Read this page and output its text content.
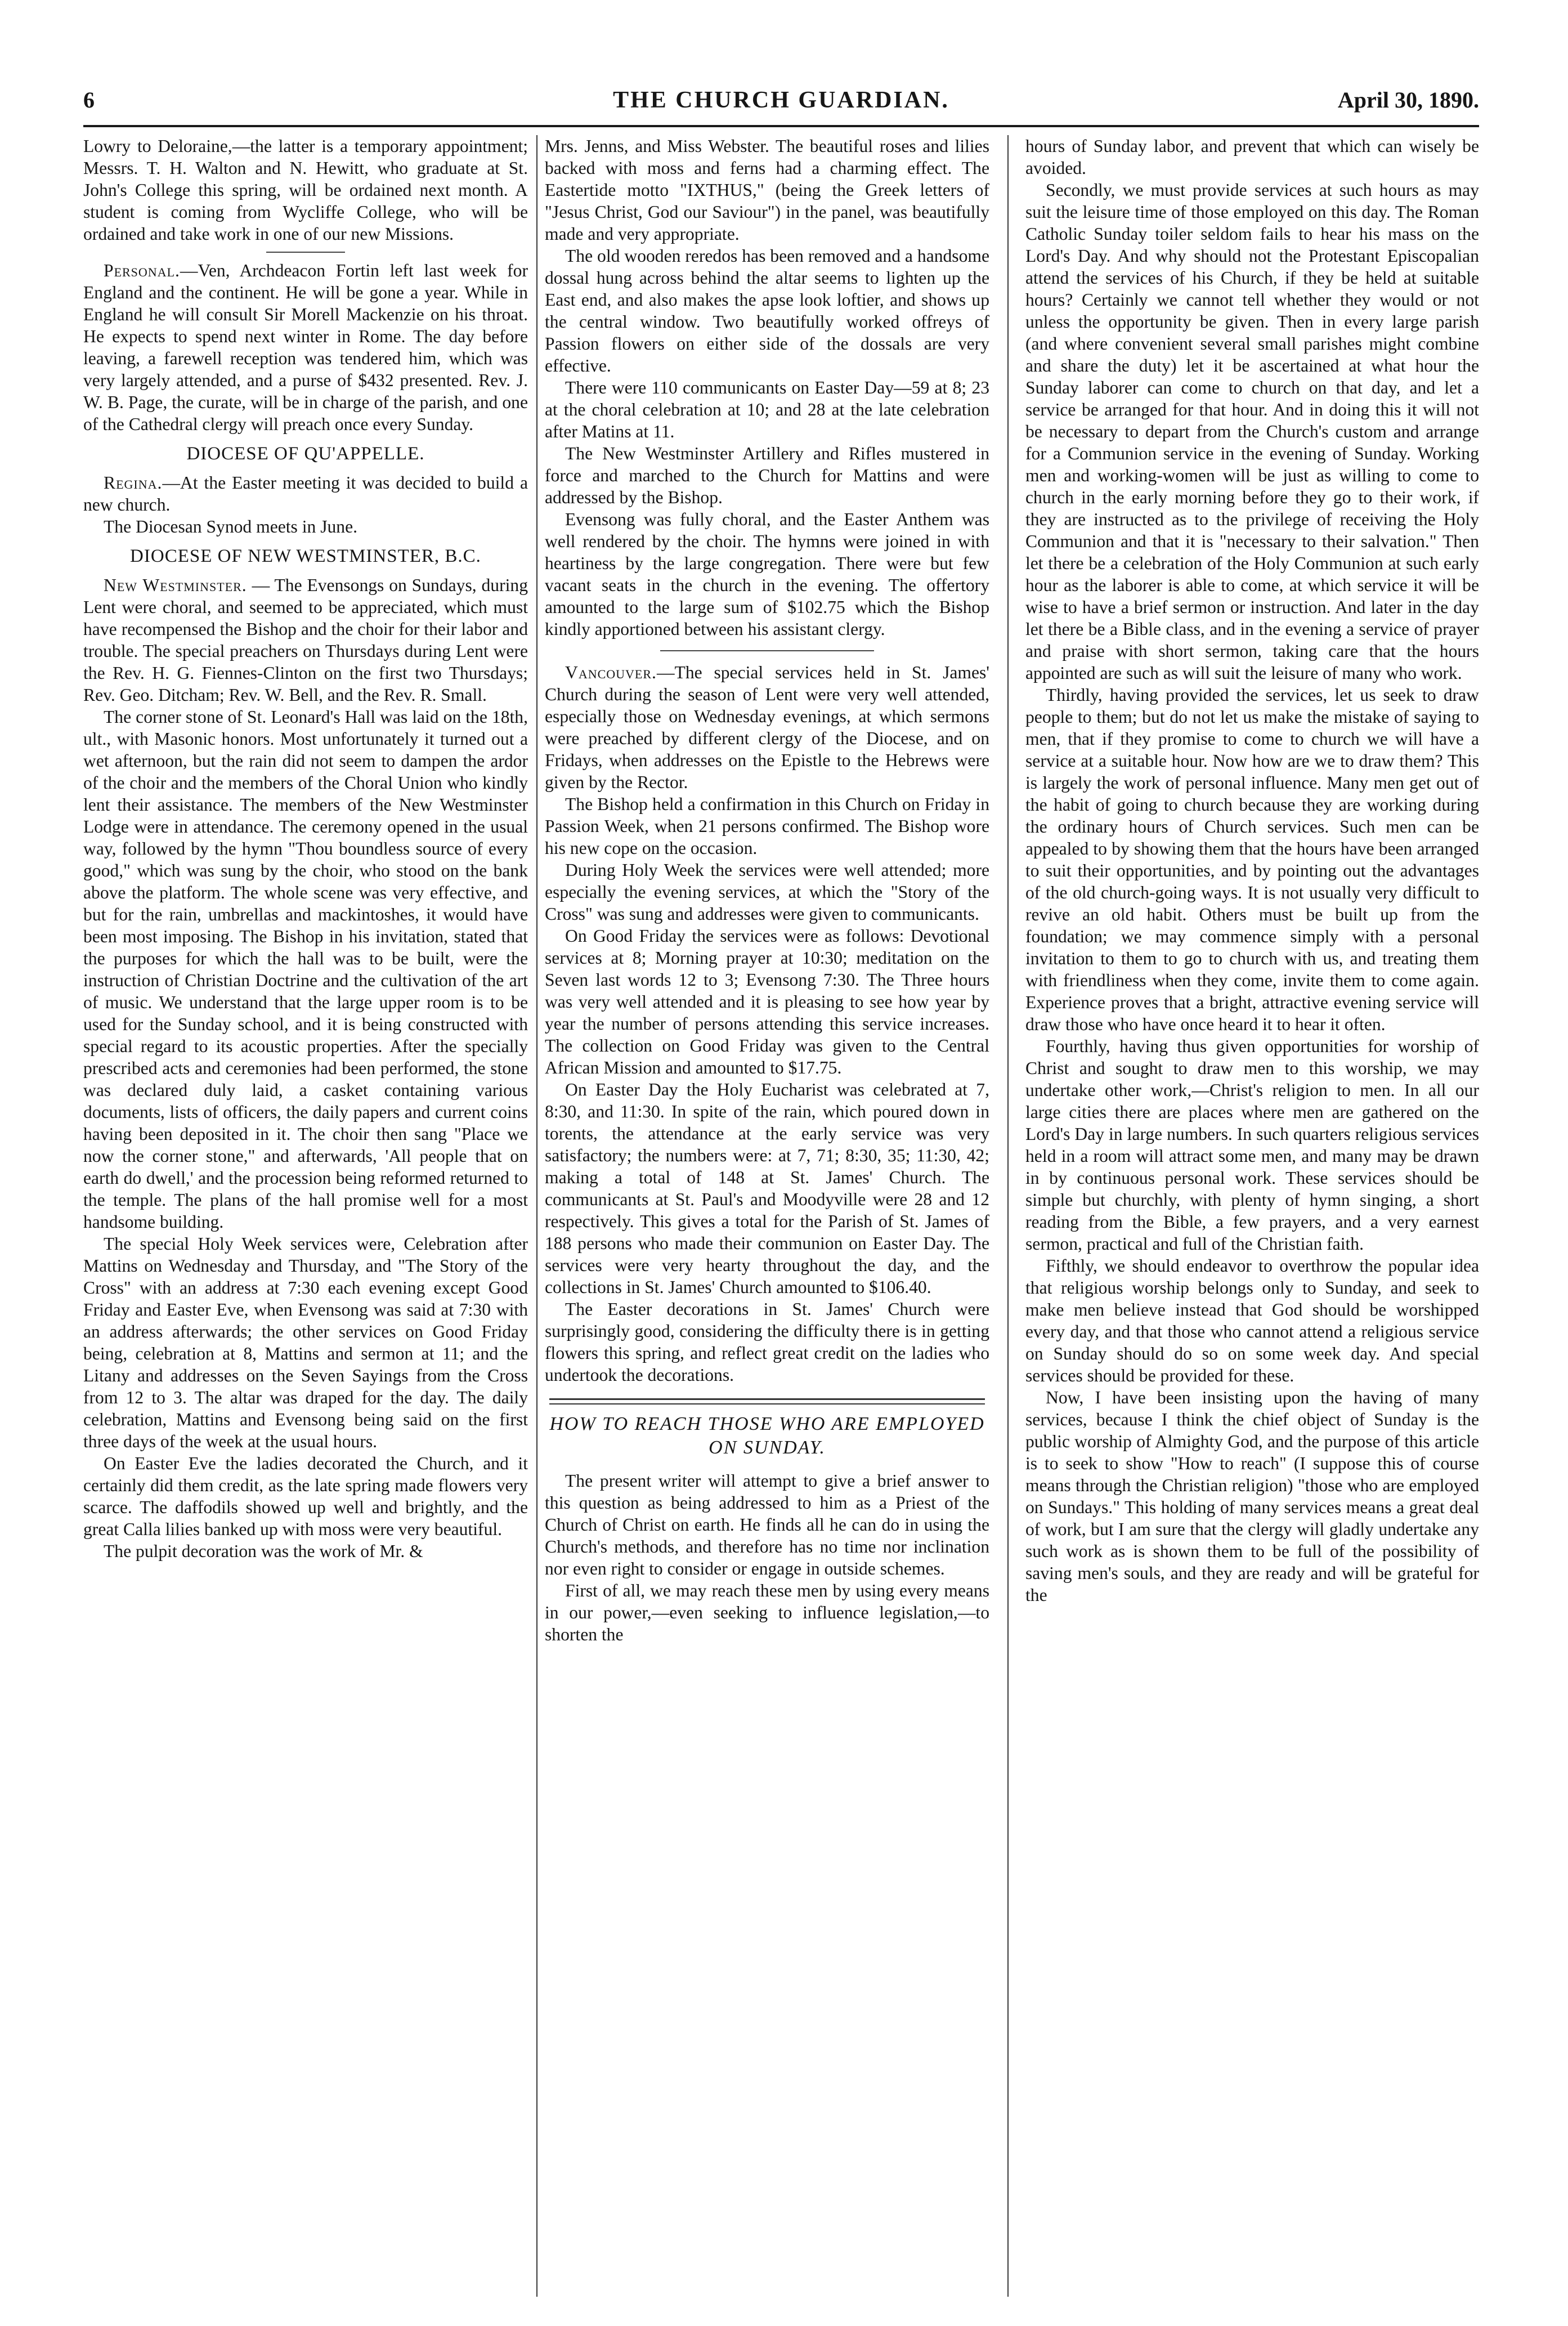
6	THE CHURCH GUARDIAN.	April 30, 1890.

Lowry to Deloraine,—the latter is a temporary appointment; Messrs. T. H. Walton and N. Hewitt, who graduate at St. John's College this spring, will be ordained next month. A student is coming from Wycliffe College, who will be ordained and take work in one of our new Missions.

Personal.—Ven, Archdeacon Fortin left last week for England and the continent. He will be gone a year. While in England he will consult Sir Morell Mackenzie on his throat. He expects to spend next winter in Rome. The day before leaving, a farewell reception was tendered him, which was very largely attended, and a purse of $432 presented. Rev. J. W. B. Page, the curate, will be in charge of the parish, and one of the Cathedral clergy will preach once every Sunday.

DIOCESE OF QU'APPELLE.

Regina.—At the Easter meeting it was decided to build a new church.

The Diocesan Synod meets in June.

DIOCESE OF NEW WESTMINSTER, B.C.

New Westminster. — The Evensongs on Sundays, during Lent were choral, and seemed to be appreciated, which must have recompensed the Bishop and the choir for their labor and trouble. The special preachers on Thursdays during Lent were the Rev. H. G. Fiennes-Clinton on the first two Thursdays; Rev. Geo. Ditcham; Rev. W. Bell, and the Rev. R. Small.

The corner stone of St. Leonard's Hall was laid on the 18th, ult., with Masonic honors. Most unfortunately it turned out a wet afternoon, but the rain did not seem to dampen the ardor of the choir and the members of the Choral Union who kindly lent their assistance. The members of the New Westminster Lodge were in attendance. The ceremony opened in the usual way, followed by the hymn "Thou boundless source of every good," which was sung by the choir, who stood on the bank above the platform. The whole scene was very effective, and but for the rain, umbrellas and mackintoshes, it would have been most imposing. The Bishop in his invitation, stated that the purposes for which the hall was to be built, were the instruction of Christian Doctrine and the cultivation of the art of music. We understand that the large upper room is to be used for the Sunday school, and it is being constructed with special regard to its acoustic properties. After the specially prescribed acts and ceremonies had been performed, the stone was declared duly laid, a casket containing various documents, lists of officers, the daily papers and current coins having been deposited in it. The choir then sang "Place we now the corner stone," and afterwards, 'All people that on earth do dwell,' and the procession being reformed returned to the temple. The plans of the hall promise well for a most handsome building.

The special Holy Week services were, Celebration after Mattins on Wednesday and Thursday, and "The Story of the Cross" with an address at 7:30 each evening except Good Friday and Easter Eve, when Evensong was said at 7:30 with an address afterwards; the other services on Good Friday being, celebration at 8, Mattins and sermon at 11; and the Litany and addresses on the Seven Sayings from the Cross from 12 to 3. The altar was draped for the day. The daily celebration, Mattins and Evensong being said on the first three days of the week at the usual hours.

On Easter Eve the ladies decorated the Church, and it certainly did them credit, as the late spring made flowers very scarce. The daffodils showed up well and brightly, and the great Calla lilies banked up with moss were very beautiful.

The pulpit decoration was the work of Mr. &

Mrs. Jenns, and Miss Webster. The beautiful roses and lilies backed with moss and ferns had a charming effect. The Eastertide motto "IXTHUS," (being the Greek letters of "Jesus Christ, God our Saviour") in the panel, was beautifully made and very appropriate.

The old wooden reredos has been removed and a handsome dossal hung across behind the altar seems to lighten up the East end, and also makes the apse look loftier, and shows up the central window. Two beautifully worked offreys of Passion flowers on either side of the dossals are very effective.

There were 110 communicants on Easter Day—59 at 8; 23 at the choral celebration at 10; and 28 at the late celebration after Matins at 11.

The New Westminster Artillery and Rifles mustered in force and marched to the Church for Mattins and were addressed by the Bishop.

Evensong was fully choral, and the Easter Anthem was well rendered by the choir. The hymns were joined in with heartiness by the large congregation. There were but few vacant seats in the church in the evening. The offertory amounted to the large sum of $102.75 which the Bishop kindly apportioned between his assistant clergy.

Vancouver.—The special services held in St. James' Church during the season of Lent were very well attended, especially those on Wednesday evenings, at which sermons were preached by different clergy of the Diocese, and on Fridays, when addresses on the Epistle to the Hebrews were given by the Rector.

The Bishop held a confirmation in this Church on Friday in Passion Week, when 21 persons confirmed. The Bishop wore his new cope on the occasion.

During Holy Week the services were well attended; more especially the evening services, at which the "Story of the Cross" was sung and addresses were given to communicants.

On Good Friday the services were as follows: Devotional services at 8; Morning prayer at 10:30; meditation on the Seven last words 12 to 3; Evensong 7:30. The Three hours was very well attended and it is pleasing to see how year by year the number of persons attending this service increases. The collection on Good Friday was given to the Central African Mission and amounted to $17.75.

On Easter Day the Holy Eucharist was celebrated at 7, 8:30, and 11:30. In spite of the rain, which poured down in torents, the attendance at the early service was very satisfactory; the numbers were: at 7, 71; 8:30, 35; 11:30, 42; making a total of 148 at St. James' Church. The communicants at St. Paul's and Moodyville were 28 and 12 respectively. This gives a total for the Parish of St. James of 188 persons who made their communion on Easter Day. The services were very hearty throughout the day, and the collections in St. James' Church amounted to $106.40.

The Easter decorations in St. James' Church were surprisingly good, considering the difficulty there is in getting flowers this spring, and reflect great credit on the ladies who undertook the decorations.

HOW TO REACH THOSE WHO ARE EMPLOYED ON SUNDAY.

The present writer will attempt to give a brief answer to this question as being addressed to him as a Priest of the Church of Christ on earth. He finds all he can do in using the Church's methods, and therefore has no time nor inclination nor even right to consider or engage in outside schemes.

First of all, we may reach these men by using every means in our power,—even seeking to influence legislation,—to shorten the

hours of Sunday labor, and prevent that which can wisely be avoided.

Secondly, we must provide services at such hours as may suit the leisure time of those employed on this day. The Roman Catholic Sunday toiler seldom fails to hear his mass on the Lord's Day. And why should not the Protestant Episcopalian attend the services of his Church, if they be held at suitable hours? Certainly we cannot tell whether they would or not unless the opportunity be given. Then in every large parish (and where convenient several small parishes might combine and share the duty) let it be ascertained at what hour the Sunday laborer can come to church on that day, and let a service be arranged for that hour. And in doing this it will not be necessary to depart from the Church's custom and arrange for a Communion service in the evening of Sunday. Working men and working-women will be just as willing to come to church in the early morning before they go to their work, if they are instructed as to the privilege of receiving the Holy Communion and that it is "necessary to their salvation." Then let there be a celebration of the Holy Communion at such early hour as the laborer is able to come, at which service it will be wise to have a brief sermon or instruction. And later in the day let there be a Bible class, and in the evening a service of prayer and praise with short sermon, taking care that the hours appointed are such as will suit the leisure of many who work.

Thirdly, having provided the services, let us seek to draw people to them; but do not let us make the mistake of saying to men, that if they promise to come to church we will have a service at a suitable hour. Now how are we to draw them? This is largely the work of personal influence. Many men get out of the habit of going to church because they are working during the ordinary hours of Church services. Such men can be appealed to by showing them that the hours have been arranged to suit their opportunities, and by pointing out the advantages of the old church-going ways. It is not usually very difficult to revive an old habit. Others must be built up from the foundation; we may commence simply with a personal invitation to them to go to church with us, and treating them with friendliness when they come, invite them to come again. Experience proves that a bright, attractive evening service will draw those who have once heard it to hear it often.

Fourthly, having thus given opportunities for worship of Christ and sought to draw men to this worship, we may undertake other work,—Christ's religion to men. In all our large cities there are places where men are gathered on the Lord's Day in large numbers. In such quarters religious services held in a room will attract some men, and many may be drawn in by continuous personal work. These services should be simple but churchly, with plenty of hymn singing, a short reading from the Bible, a few prayers, and a very earnest sermon, practical and full of the Christian faith.

Fifthly, we should endeavor to overthrow the popular idea that religious worship belongs only to Sunday, and seek to make men believe instead that God should be worshipped every day, and that those who cannot attend a religious service on Sunday should do so on some week day. And special services should be provided for these.

Now, I have been insisting upon the having of many services, because I think the chief object of Sunday is the public worship of Almighty God, and the purpose of this article is to seek to show "How to reach" (I suppose this of course means through the Christian religion) "those who are employed on Sundays." This holding of many services means a great deal of work, but I am sure that the clergy will gladly undertake any such work as is shown them to be full of the possibility of saving men's souls, and they are ready and will be grateful for the
